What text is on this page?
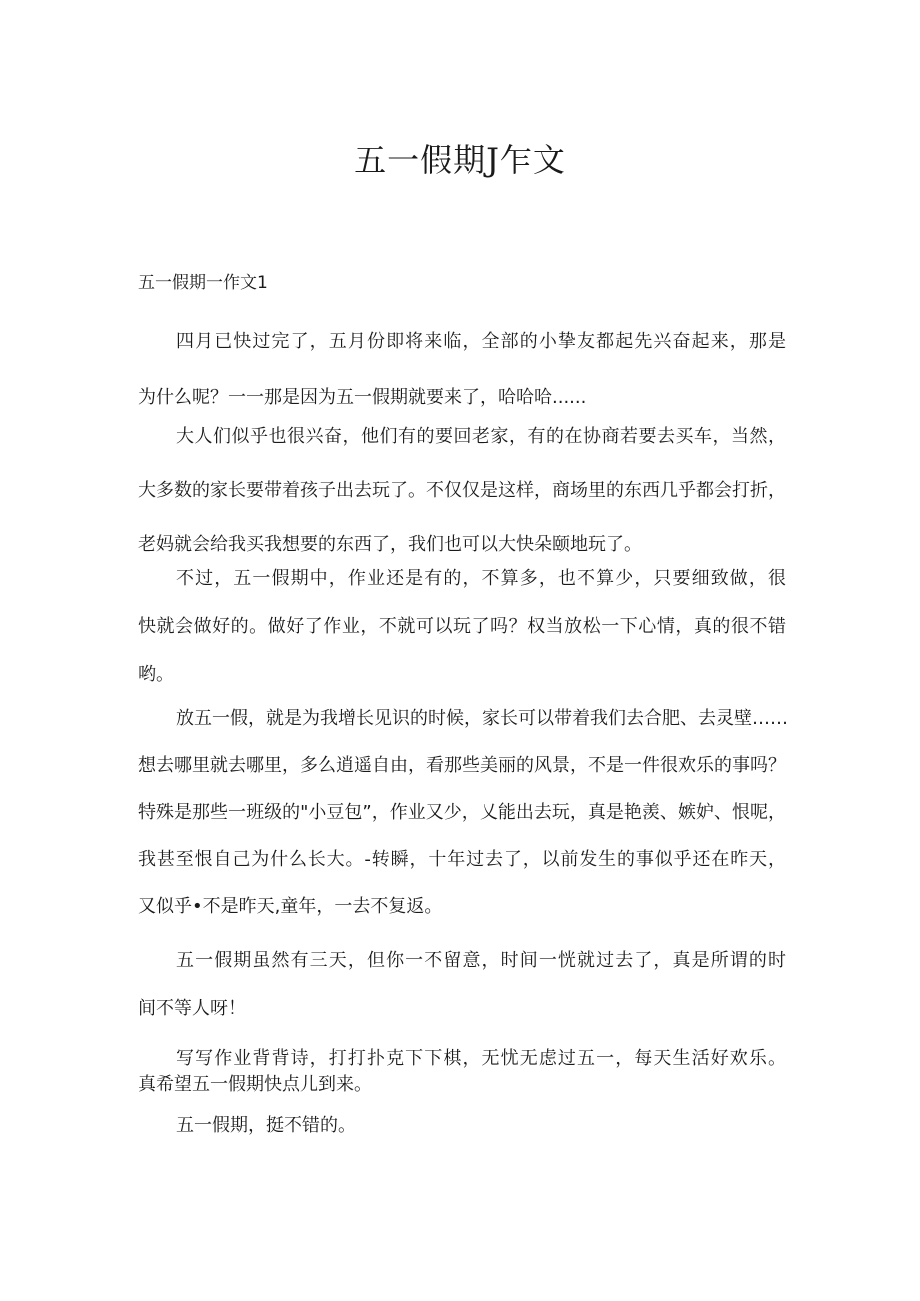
五一假期J乍文
五一假期一作文1
四月已快过完了，五月份即将来临，全部的小挚友都起先兴奋起来，那是
为什么呢？一一那是因为五一假期就要来了，哈哈哈......
大人们似乎也很兴奋，他们有的要回老家，有的在协商若要去买车，当然，
大多数的家长要带着孩子出去玩了。不仅仅是这样，商场里的东西几乎都会打折，
老妈就会给我买我想要的东西了，我们也可以大快朵颐地玩了。
不过，五一假期中，作业还是有的，不算多，也不算少，只要细致做，很
快就会做好的。做好了作业，不就可以玩了吗？权当放松一下心情，真的很不错
哟。
放五一假，就是为我增长见识的时候，家长可以带着我们去合肥、去灵壁……
想去哪里就去哪里，多么逍遥自由，看那些美丽的风景，不是一件很欢乐的事吗？
特殊是那些一班级的"小豆包”，作业又少，乂能出去玩，真是艳羡、嫉妒、恨呢，
我甚至恨自己为什么长大。-转瞬，十年过去了，以前发生的事似乎还在昨天，
又似乎•不是昨天,童年，一去不复返。
五一假期虽然有三天，但你一不留意，时间一恍就过去了，真是所谓的时
间不等人呀！
写写作业背背诗，打打扑克下下棋，无忧无虑过五一，每天生活好欢乐。
真希望五一假期快点儿到来。
五一假期，挺不错的。
